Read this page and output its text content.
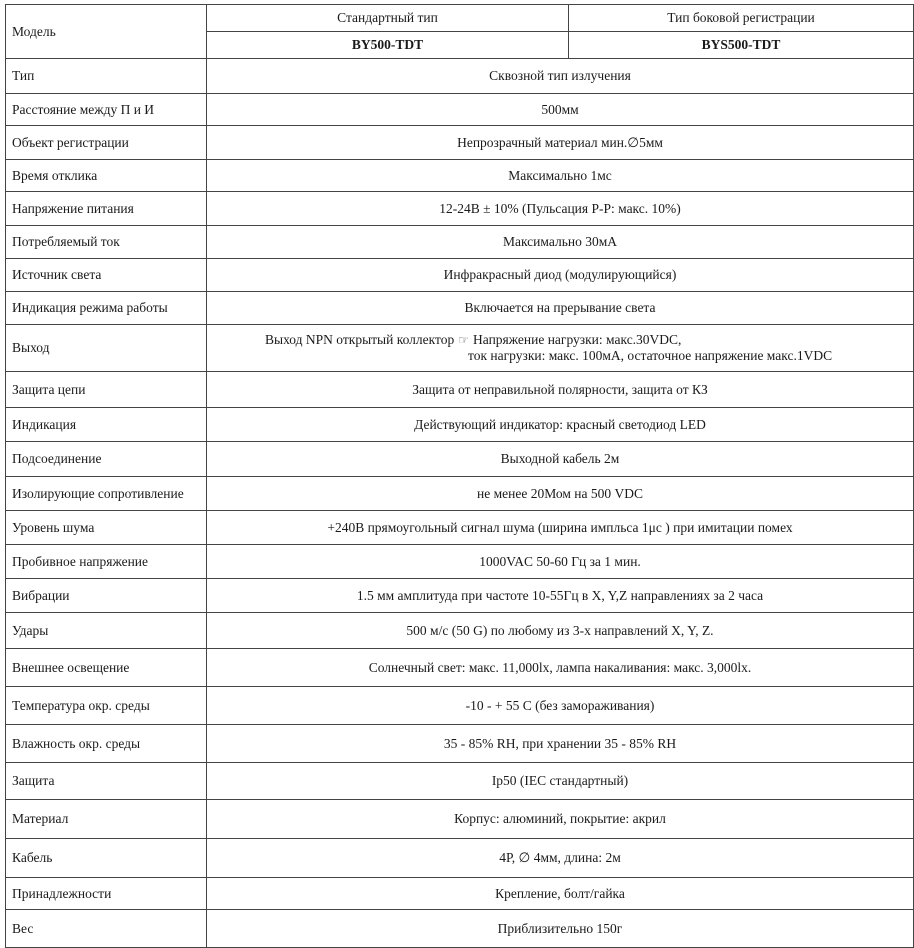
Модель	Стандартный тип	Тип боковой регистрации
	BY500-TDT	BYS500-TDT
Тип	Сквозной тип излучения	
Расстояние между П и И	500мм	
Объект регистрации	Непрозрачный материал мин.∅5мм	
Время отклика	Максимально 1мс	
Напряжение питания	12-24В ± 10% (Пульсация P-P: макс. 10%)	
Потребляемый ток	Максимально 30мА	
Источник света	Инфракрасный диод (модулирующийся)	
Индикация режима работы	Включается на прерывание света	
Выход	Выход NPN открытый коллектор ☞ Напряжение нагрузки: макс.30VDC,
ток нагрузки: макс. 100мА, остаточное напряжение макс.1VDC	

Защита цепи	Защита от неправильной полярности, защита от КЗ	
Индикация	Действующий индикатор: красный светодиод LED	
Подсоединение	Выходной кабель 2м	
Изолирующие сопротивление	не менее 20Мом на 500 VDC	
Уровень шума	+240В прямоугольный сигнал шума (ширина импльса 1μс ) при имитации помех	
Пробивное напряжение	1000VAC 50-60 Гц за 1 мин.	
Вибрации	1.5 мм амплитуда при частоте 10-55Гц в X, Y,Z направлениях за 2 часа	
Удары	500 м/с (50 G) по любому из 3-х направлений X, Y, Z.	
Внешнее освещение	Солнечный свет: макс. 11,000lx, лампа накаливания: макс. 3,000lx.	
Температура окр. среды	-10 - + 55 С (без замораживания)	
Влажность окр. среды	35 - 85% RH, при хранении 35 - 85% RH	
Защита	Ip50 (IEC стандартный)	
Материал	Корпус: алюминий, покрытие: акрил	
Кабель	4Р, ∅ 4мм, длина: 2м	
Принадлежности	Крепление, болт/гайка	
Вес	Приблизительно 150г	
